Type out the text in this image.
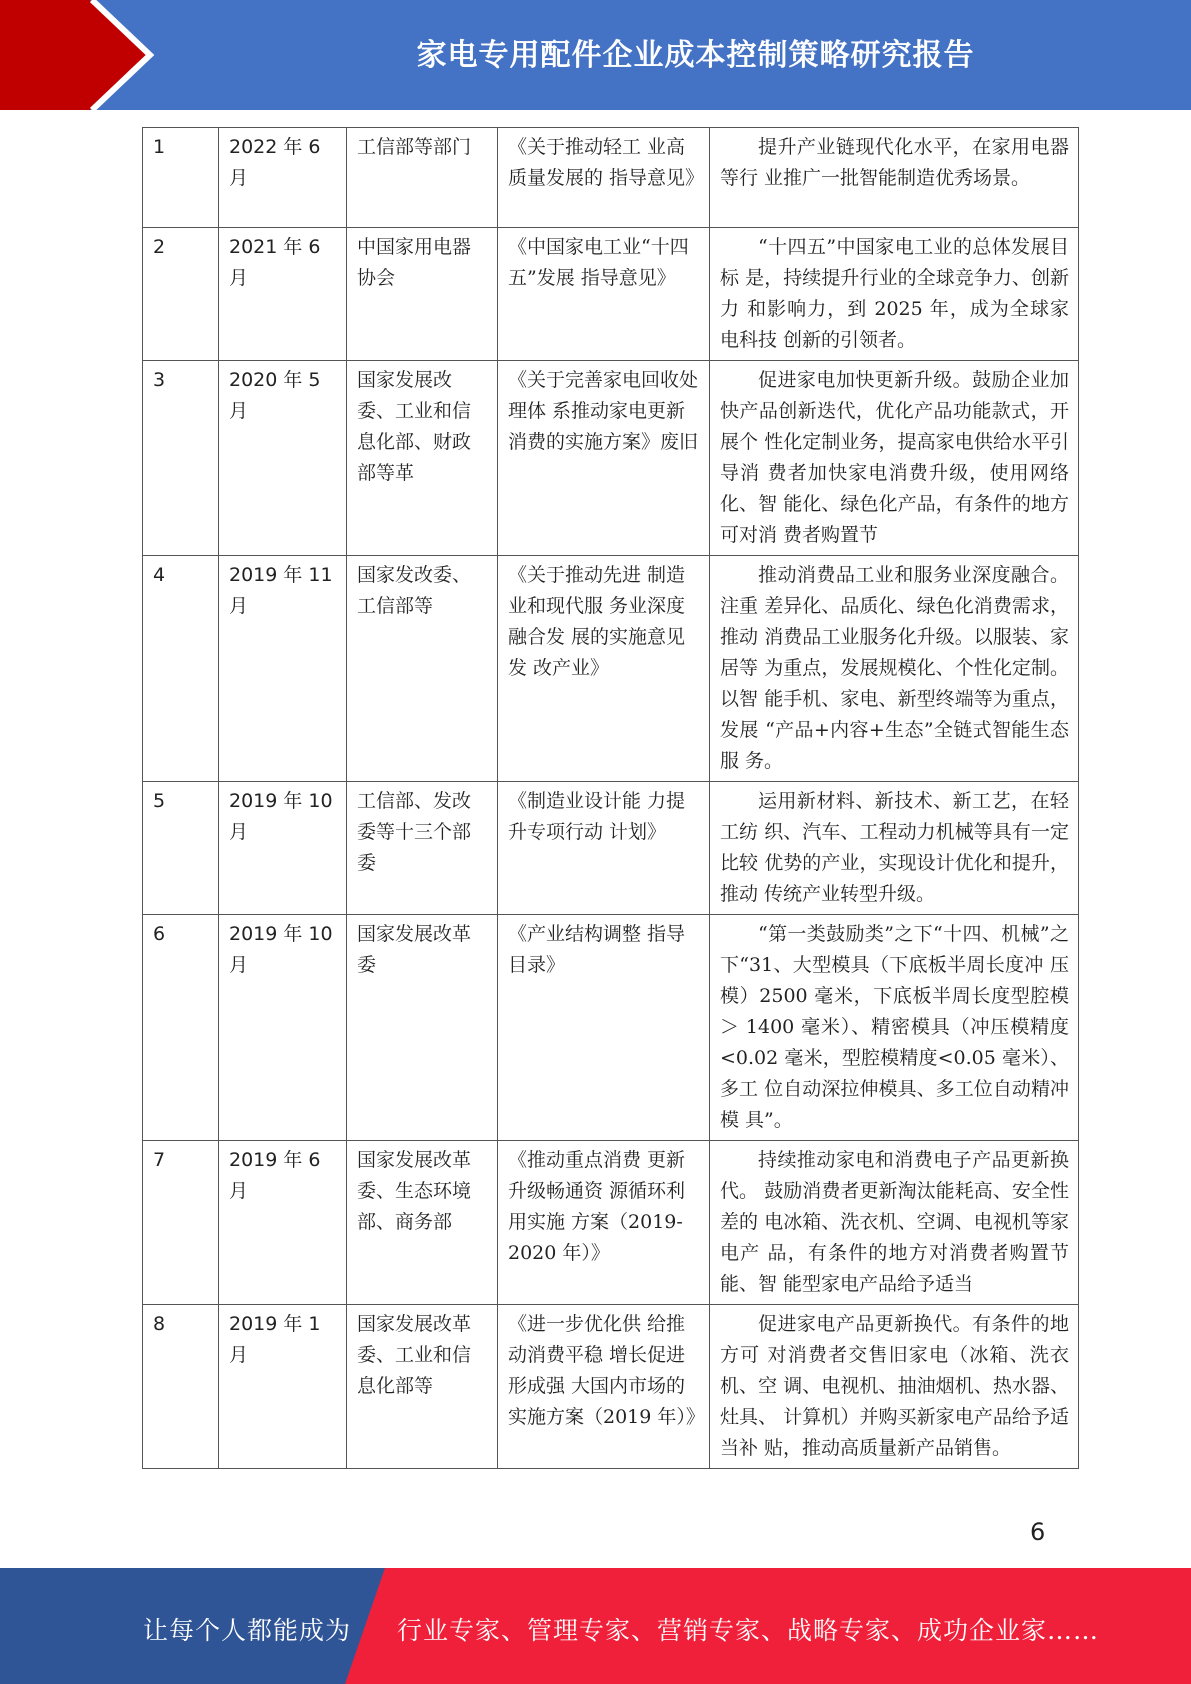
家电专用配件企业成本控制策略研究报告
1	2022 年 6 月	工信部等部门	《关于推动轻工 业高质量发展的 指导意见》	提升产业链现代化水平，在家用电器等行 业推广一批智能制造优秀场景。
2	2021 年 6 月	中国家用电器协会	《中国家电工业“十四五”发展 指导意见》	“十四五”中国家电工业的总体发展目标 是，持续提升行业的全球竞争力、创新力 和影响力，到 2025 年，成为全球家电科技 创新的引领者。
3	2020 年 5 月	国家发展改委、工业和信息化部、财政部等革	《关于完善家电回收处理体 系推动家电更新 消费的实施方案》废旧	促进家电加快更新升级。鼓励企业加快产品创新迭代，优化产品功能款式，开展个 性化定制业务，提高家电供给水平引导消 费者加快家电消费升级，使用网络化、智 能化、绿色化产品，有条件的地方可对消 费者购置节
4	2019 年 11 月	国家发改委、工信部等	《关于推动先进 制造业和现代服 务业深度融合发 展的实施意见发 改产业》	推动消费品工业和服务业深度融合。注重 差异化、品质化、绿色化消费需求，推动 消费品工业服务化升级。以服装、家居等 为重点，发展规模化、个性化定制。以智 能手机、家电、新型终端等为重点，发展 “产品+内容+生态”全链式智能生态服 务。
5	2019 年 10 月	工信部、发改委等十三个部委	《制造业设计能 力提升专项行动 计划》	运用新材料、新技术、新工艺，在轻工纺 织、汽车、工程动力机械等具有一定比较 优势的产业，实现设计优化和提升，推动 传统产业转型升级。
6	2019 年 10 月	国家发展改革委	《产业结构调整 指导目录》	“第一类鼓励类”之下“十四、机械”之下“31、大型模具（下底板半周长度冲 压模）2500 毫米，下底板半周长度型腔模 ＞ 1400 毫米）、精密模具（冲压模精度 <0.02 毫米，型腔模精度<0.05 毫米）、多工 位自动深拉伸模具、多工位自动精冲模 具”。
7	2019 年 6 月	国家发展改革委、生态环境部、商务部	《推动重点消费 更新升级畅通资 源循环利用实施 方案（2019- 2020 年）》	持续推动家电和消费电子产品更新换代。 鼓励消费者更新淘汰能耗高、安全性差的 电冰箱、洗衣机、空调、电视机等家电产 品，有条件的地方对消费者购置节能、智 能型家电产品给予适当
8	2019 年 1 月	国家发展改革委、工业和信息化部等	《进一步优化供 给推动消费平稳 增长促进形成强 大国内市场的实施方案（2019 年）》	促进家电产品更新换代。有条件的地方可 对消费者交售旧家电（冰箱、洗衣机、空 调、电视机、抽油烟机、热水器、灶具、 计算机）并购买新家电产品给予适当补 贴，推动高质量新产品销售。
6
让每个人都能成为 行业专家、管理专家、营销专家、战略专家、成功企业家……
